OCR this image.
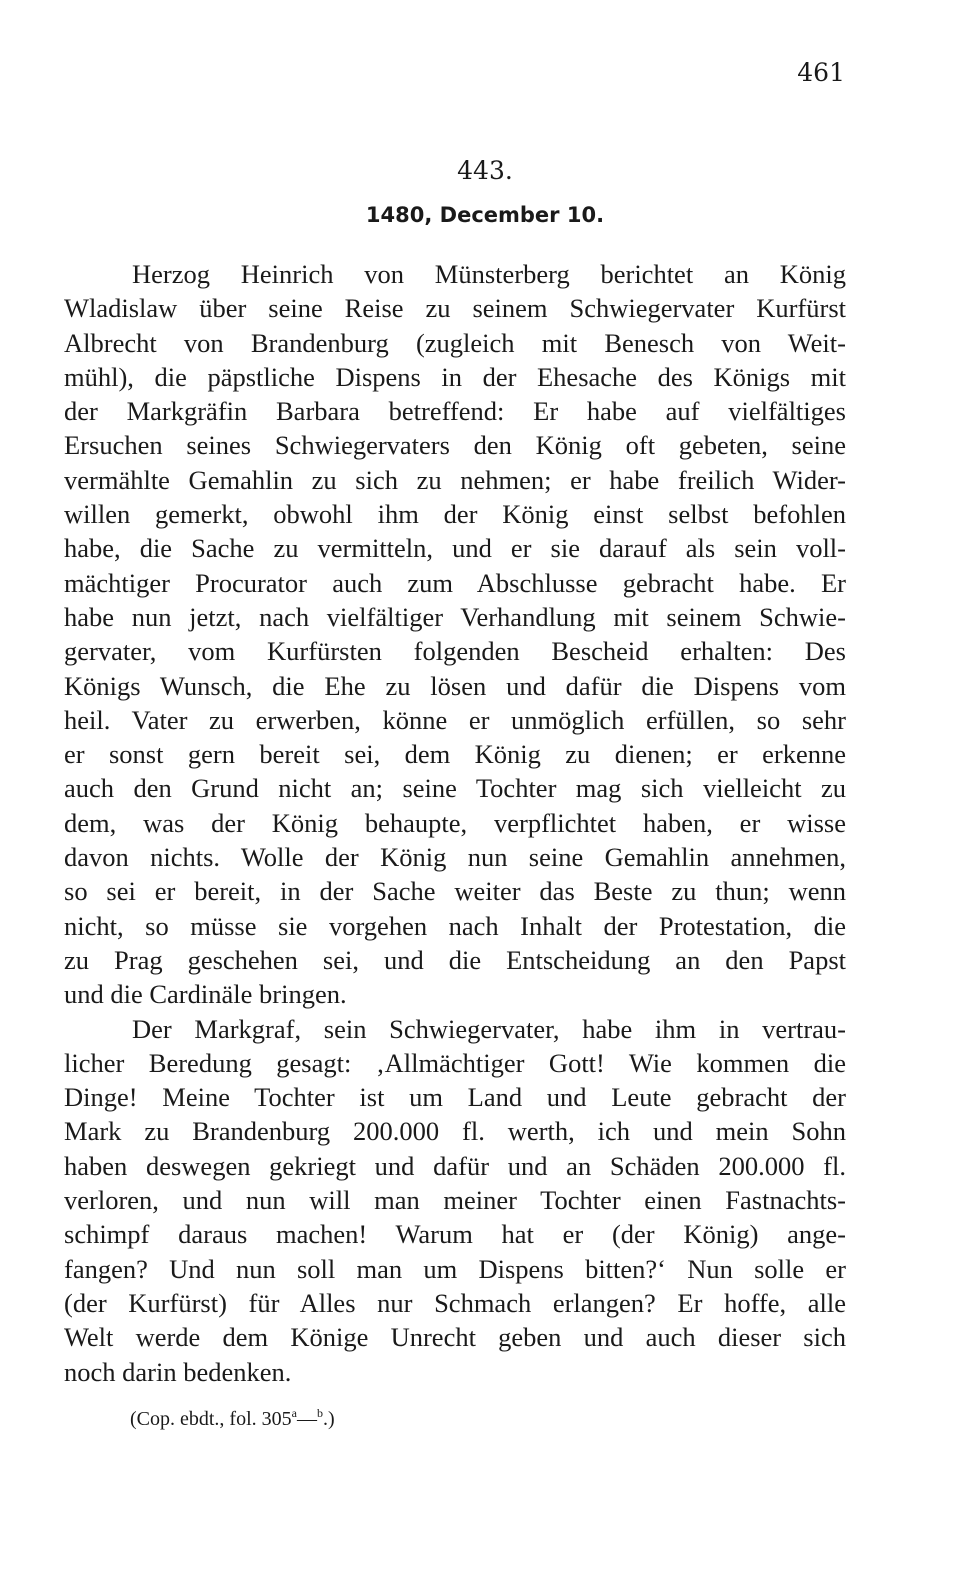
461
443.
1480, December 10.
Herzog Heinrich von Münsterberg berichtet an König
Wladislaw über seine Reise zu seinem Schwiegervater Kurfürst
Albrecht von Brandenburg (zugleich mit Benesch von Weit-
mühl), die päpstliche Dispens in der Ehesache des Königs mit
der Markgräfin Barbara betreffend: Er habe auf vielfältiges
Ersuchen seines Schwiegervaters den König oft gebeten, seine
vermählte Gemahlin zu sich zu nehmen; er habe freilich Wider-
willen gemerkt, obwohl ihm der König einst selbst befohlen
habe, die Sache zu vermitteln, und er sie darauf als sein voll-
mächtiger Procurator auch zum Abschlusse gebracht habe. Er
habe nun jetzt, nach vielfältiger Verhandlung mit seinem Schwie-
gervater, vom Kurfürsten folgenden Bescheid erhalten: Des
Königs Wunsch, die Ehe zu lösen und dafür die Dispens vom
heil. Vater zu erwerben, könne er unmöglich erfüllen, so sehr
er sonst gern bereit sei, dem König zu dienen; er erkenne
auch den Grund nicht an; seine Tochter mag sich vielleicht zu
dem, was der König behaupte, verpflichtet haben, er wisse
davon nichts. Wolle der König nun seine Gemahlin annehmen,
so sei er bereit, in der Sache weiter das Beste zu thun; wenn
nicht, so müsse sie vorgehen nach Inhalt der Protestation, die
zu Prag geschehen sei, und die Entscheidung an den Papst
und die Cardinäle bringen.
Der Markgraf, sein Schwiegervater, habe ihm in vertrau-
licher Beredung gesagt: ‚Allmächtiger Gott! Wie kommen die
Dinge! Meine Tochter ist um Land und Leute gebracht der
Mark zu Brandenburg 200.000 fl. werth, ich und mein Sohn
haben deswegen gekriegt und dafür und an Schäden 200.000 fl.
verloren, und nun will man meiner Tochter einen Fastnachts-
schimpf daraus machen! Warum hat er (der König) ange-
fangen? Und nun soll man um Dispens bitten?‘ Nun solle er
(der Kurfürst) für Alles nur Schmach erlangen? Er hoffe, alle
Welt werde dem Könige Unrecht geben und auch dieser sich
noch darin bedenken.
(Cop. ebdt., fol. 305$^a$—$^b$.)
